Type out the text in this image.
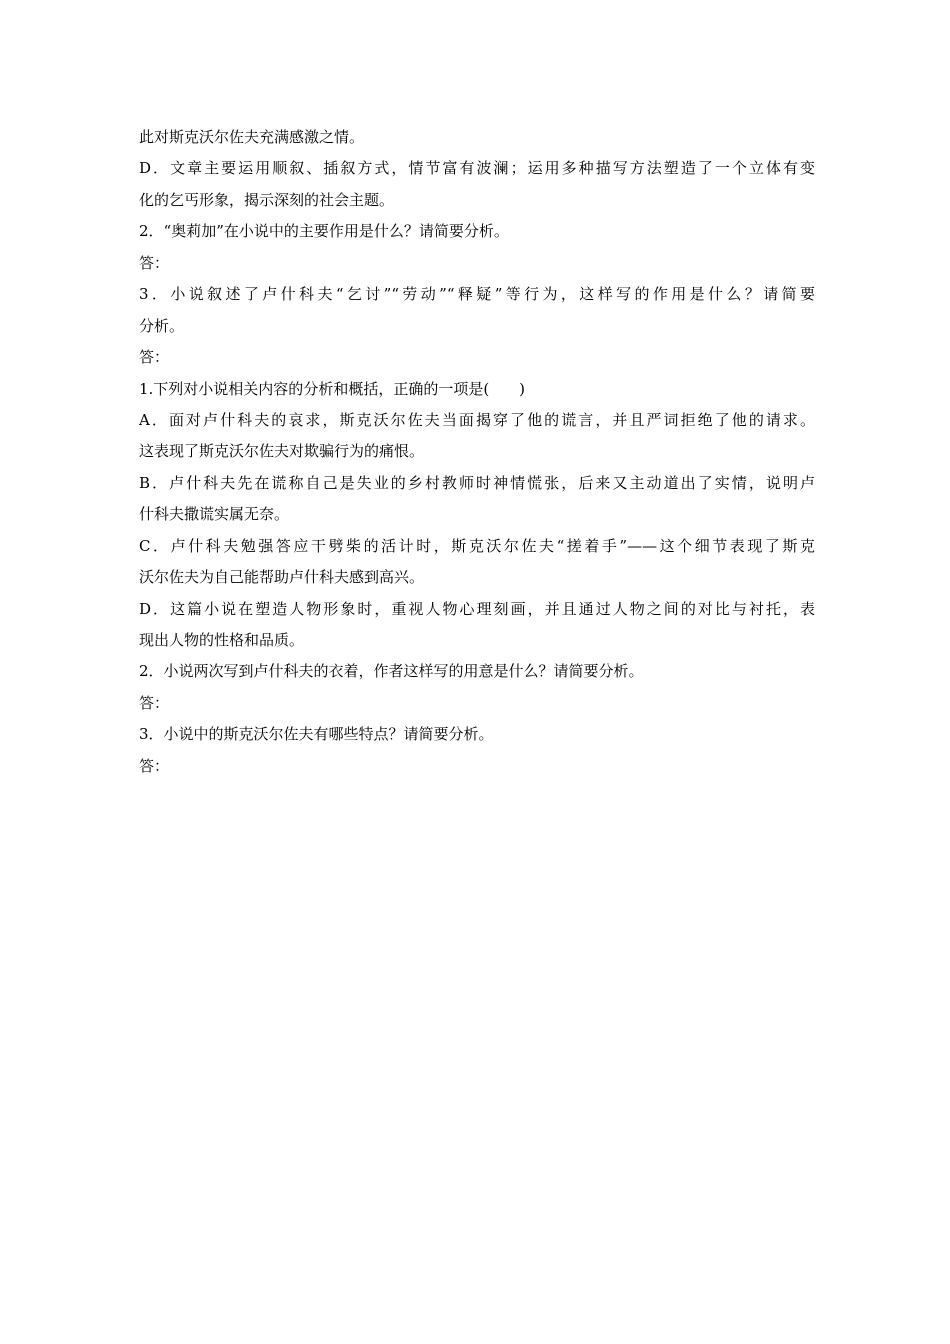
此对斯克沃尔佐夫充满感激之情。
D．文章主要运用顺叙、插叙方式，情节富有波澜；运用多种描写方法塑造了一个立体有变
化的乞丐形象，揭示深刻的社会主题。
2．“奥莉加”在小说中的主要作用是什么？请简要分析。
答：
3．小说叙述了卢什科夫“乞讨”“劳动”“释疑”等行为，这样写的作用是什么？请简要
分析。
答：
1.下列对小说相关内容的分析和概括，正确的一项是(　　)
A．面对卢什科夫的哀求，斯克沃尔佐夫当面揭穿了他的谎言，并且严词拒绝了他的请求。
这表现了斯克沃尔佐夫对欺骗行为的痛恨。
B．卢什科夫先在谎称自己是失业的乡村教师时神情慌张，后来又主动道出了实情，说明卢
什科夫撒谎实属无奈。
C．卢什科夫勉强答应干劈柴的活计时，斯克沃尔佐夫“搓着手”——这个细节表现了斯克
沃尔佐夫为自己能帮助卢什科夫感到高兴。
D．这篇小说在塑造人物形象时，重视人物心理刻画，并且通过人物之间的对比与衬托，表
现出人物的性格和品质。
2．小说两次写到卢什科夫的衣着，作者这样写的用意是什么？请简要分析。
答：
3．小说中的斯克沃尔佐夫有哪些特点？请简要分析。
答：
